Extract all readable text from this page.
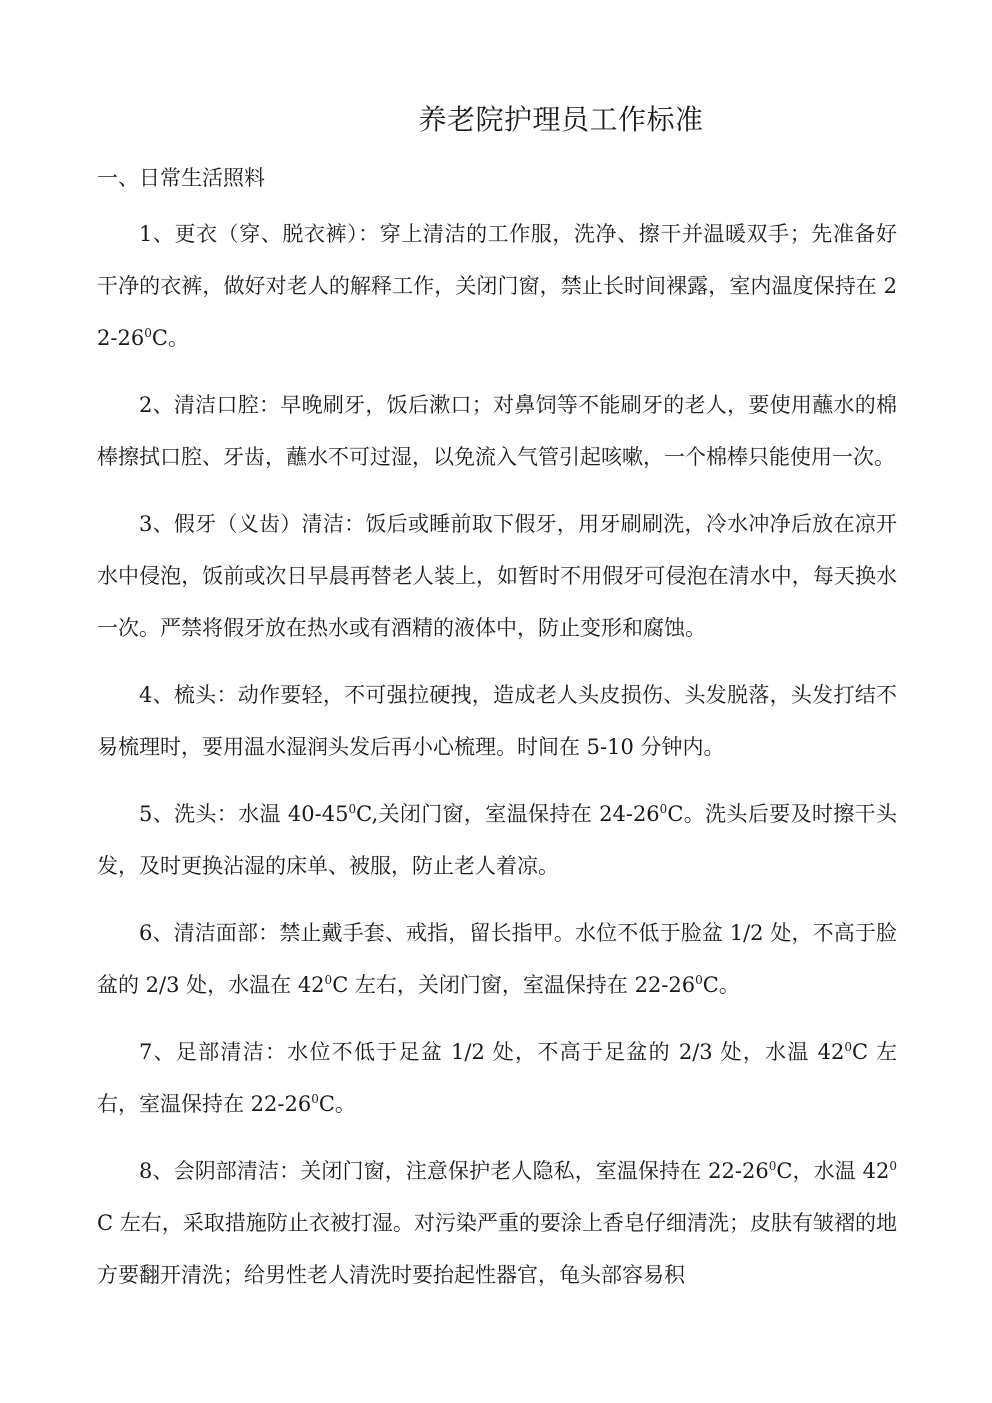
养老院护理员工作标准
一、日常生活照料

1、更衣（穿、脱衣裤）：穿上清洁的工作服，洗净、擦干并温暖双手；先准备好干净的衣裤，做好对老人的解释工作，关闭门窗，禁止长时间裸露，室内温度保持在 $22-26^0C$。

2、清洁口腔：早晚刷牙，饭后漱口；对鼻饲等不能刷牙的老人，要使用蘸水的棉棒擦拭口腔、牙齿，蘸水不可过湿，以免流入气管引起咳嗽，一个棉棒只能使用一次。

3、假牙（义齿）清洁：饭后或睡前取下假牙，用牙刷刷洗，冷水冲净后放在凉开水中侵泡，饭前或次日早晨再替老人装上，如暂时不用假牙可侵泡在清水中，每天换水一次。严禁将假牙放在热水或有酒精的液体中，防止变形和腐蚀。

4、梳头：动作要轻，不可强拉硬拽，造成老人头皮损伤、头发脱落，头发打结不易梳理时，要用温水湿润头发后再小心梳理。时间在 5-10 分钟内。

5、洗头：水温 $40-45^0C$,关闭门窗，室温保持在 $24-26^0C$。洗头后要及时擦干头发，及时更换沾湿的床单、被服，防止老人着凉。

6、清洁面部：禁止戴手套、戒指，留长指甲。水位不低于脸盆 1/2 处，不高于脸盆的 2/3 处，水温在 $42^0C$ 左右，关闭门窗，室温保持在 $22-26^0C$。

7、足部清洁：水位不低于足盆 1/2 处，不高于足盆的 2/3 处，水温 $42^0C$ 左右，室温保持在 $22-26^0C$。

8、会阴部清洁：关闭门窗，注意保护老人隐私，室温保持在 $22-26^0C$，水温 $42^0C$ 左右，采取措施防止衣被打湿。对污染严重的要涂上香皂仔细清洗；皮肤有皱褶的地方要翻开清洗；给男性老人清洗时要抬起性器官，龟头部容易积
